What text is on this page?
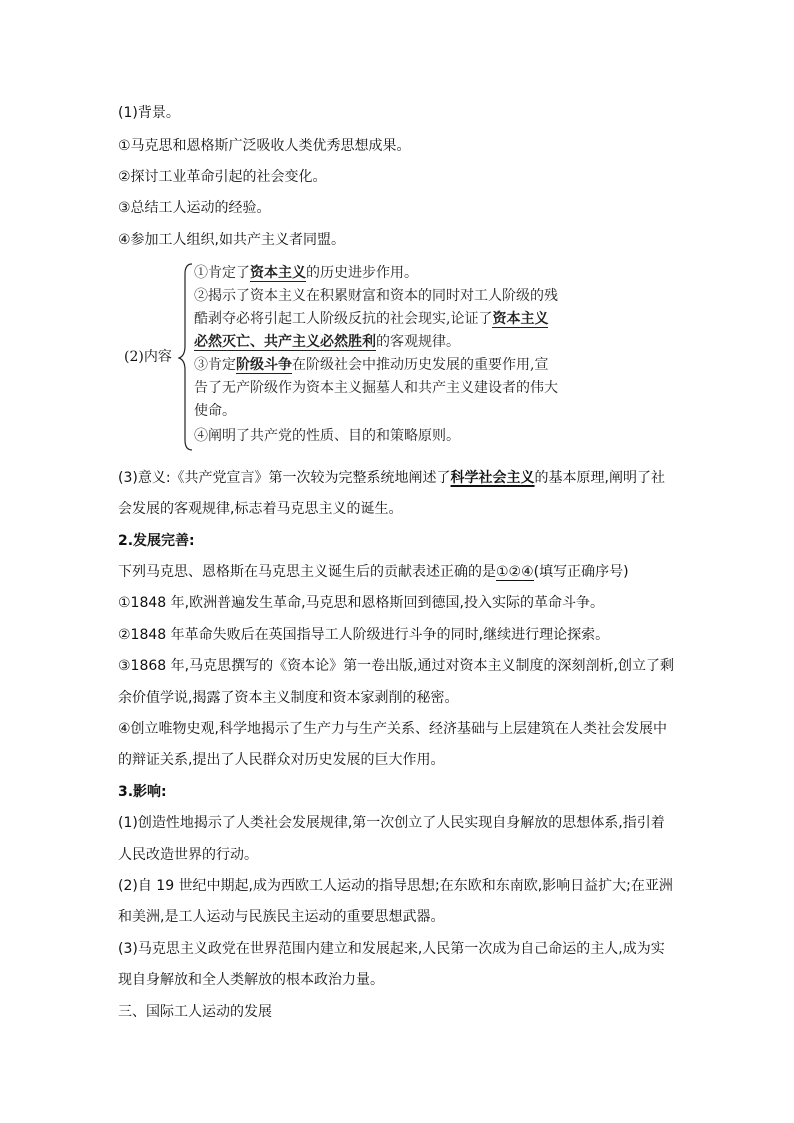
(1)背景。
①马克思和恩格斯广泛吸收人类优秀思想成果。
②探讨工业革命引起的社会变化。
③总结工人运动的经验。
④参加工人组织,如共产主义者同盟。
(2)内容
①肯定了资本主义的历史进步作用。
②揭示了资本主义在积累财富和资本的同时对工人阶级的残
酷剥夺必将引起工人阶级反抗的社会现实,论证了资本主义
必然灭亡、共产主义必然胜利的客观规律。
③肯定阶级斗争在阶级社会中推动历史发展的重要作用,宣
告了无产阶级作为资本主义掘墓人和共产主义建设者的伟大
使命。
④阐明了共产党的性质、目的和策略原则。
(3)意义:《共产党宣言》第一次较为完整系统地阐述了科学社会主义的基本原理,阐明了社
会发展的客观规律,标志着马克思主义的诞生。
2.发展完善:
下列马克思、恩格斯在马克思主义诞生后的贡献表述正确的是①②④(填写正确序号)
①1848 年,欧洲普遍发生革命,马克思和恩格斯回到德国,投入实际的革命斗争。
②1848 年革命失败后在英国指导工人阶级进行斗争的同时,继续进行理论探索。
③1868 年,马克思撰写的《资本论》第一卷出版,通过对资本主义制度的深刻剖析,创立了剩
余价值学说,揭露了资本主义制度和资本家剥削的秘密。
④创立唯物史观,科学地揭示了生产力与生产关系、经济基础与上层建筑在人类社会发展中
的辩证关系,提出了人民群众对历史发展的巨大作用。
3.影响:
(1)创造性地揭示了人类社会发展规律,第一次创立了人民实现自身解放的思想体系,指引着
人民改造世界的行动。
(2)自 19 世纪中期起,成为西欧工人运动的指导思想;在东欧和东南欧,影响日益扩大;在亚洲
和美洲,是工人运动与民族民主运动的重要思想武器。
(3)马克思主义政党在世界范围内建立和发展起来,人民第一次成为自己命运的主人,成为实
现自身解放和全人类解放的根本政治力量。
三、国际工人运动的发展
